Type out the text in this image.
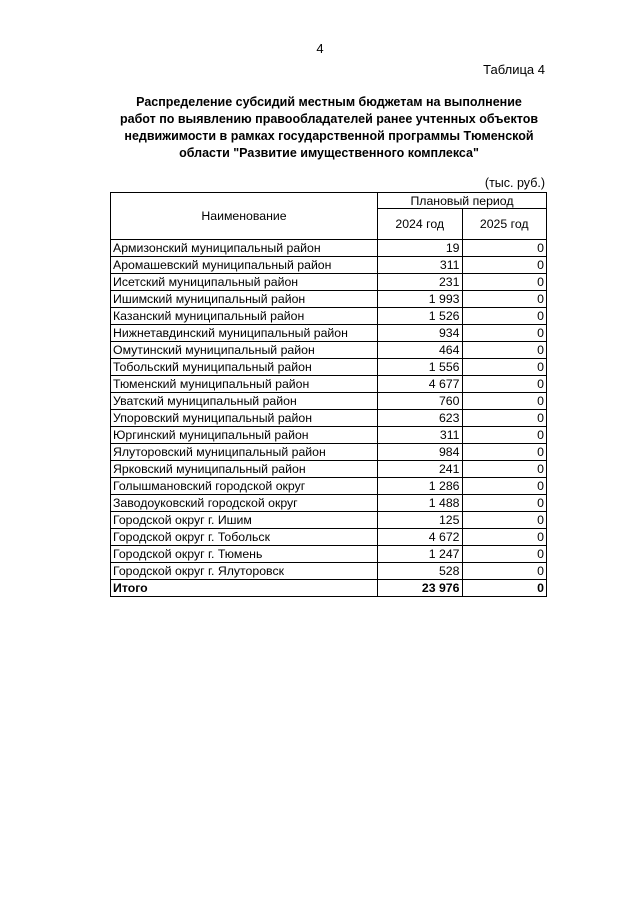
4
Таблица 4
Распределение субсидий местным бюджетам на выполнение
работ по выявлению правообладателей ранее учтенных объектов
недвижимости в рамках государственной программы Тюменской
области "Развитие имущественного комплекса"
(тыс. руб.)
Наименование	Плановый период	
	2024 год	2025 год
Армизонский муниципальный район	19	0
Аромашевский муниципальный район	311	0
Исетский муниципальный район	231	0
Ишимский муниципальный район	1 993	0
Казанский муниципальный район	1 526	0
Нижнетавдинский муниципальный район	934	0
Омутинский муниципальный район	464	0
Тобольский муниципальный район	1 556	0
Тюменский муниципальный район	4 677	0
Уватский муниципальный район	760	0
Упоровский муниципальный район	623	0
Юргинский муниципальный район	311	0
Ялуторовский муниципальный район	984	0
Ярковский муниципальный район	241	0
Голышмановский городской округ	1 286	0
Заводоуковский городской округ	1 488	0
Городской округ г. Ишим	125	0
Городской округ г. Тобольск	4 672	0
Городской округ г. Тюмень	1 247	0
Городской округ г. Ялуторовск	528	0
Итого	23 976	0
